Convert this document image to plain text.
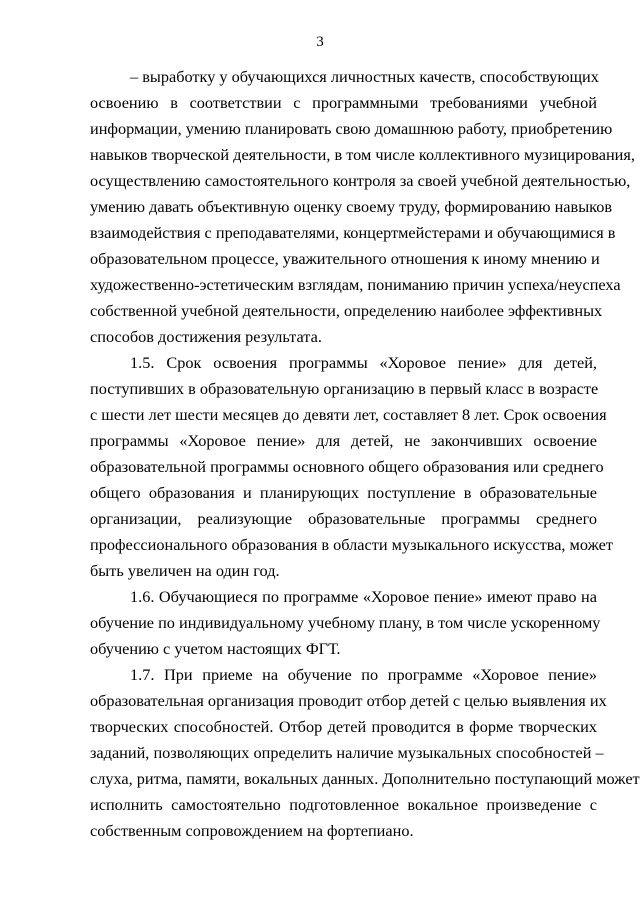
3
– выработку у обучающихся личностных качеств, способствующих
освоению в соответствии с программными требованиями учебной
информации, умению планировать свою домашнюю работу, приобретению
навыков творческой деятельности, в том числе коллективного музицирования,
осуществлению самостоятельного контроля за своей учебной деятельностью,
умению давать объективную оценку своему труду, формированию навыков
взаимодействия с преподавателями, концертмейстерами и обучающимися в
образовательном процессе, уважительного отношения к иному мнению и
художественно-эстетическим взглядам, пониманию причин успеха/неуспеха
собственной учебной деятельности, определению наиболее эффективных
способов достижения результата.
1.5. Срок освоения программы «Хоровое пение» для детей,
поступивших в образовательную организацию в первый класс в возрасте
с шести лет шести месяцев до девяти лет, составляет 8 лет. Срок освоения
программы «Хоровое пение» для детей, не закончивших освоение
образовательной программы основного общего образования или среднего
общего образования и планирующих поступление в образовательные
организации, реализующие образовательные программы среднего
профессионального образования в области музыкального искусства, может
быть увеличен на один год.
1.6. Обучающиеся по программе «Хоровое пение» имеют право на
обучение по индивидуальному учебному плану, в том числе ускоренному
обучению с учетом настоящих ФГТ.
1.7. При приеме на обучение по программе «Хоровое пение»
образовательная организация проводит отбор детей с целью выявления их
творческих способностей. Отбор детей проводится в форме творческих
заданий, позволяющих определить наличие музыкальных способностей –
слуха, ритма, памяти, вокальных данных. Дополнительно поступающий может
исполнить самостоятельно подготовленное вокальное произведение с
собственным сопровождением на фортепиано.
